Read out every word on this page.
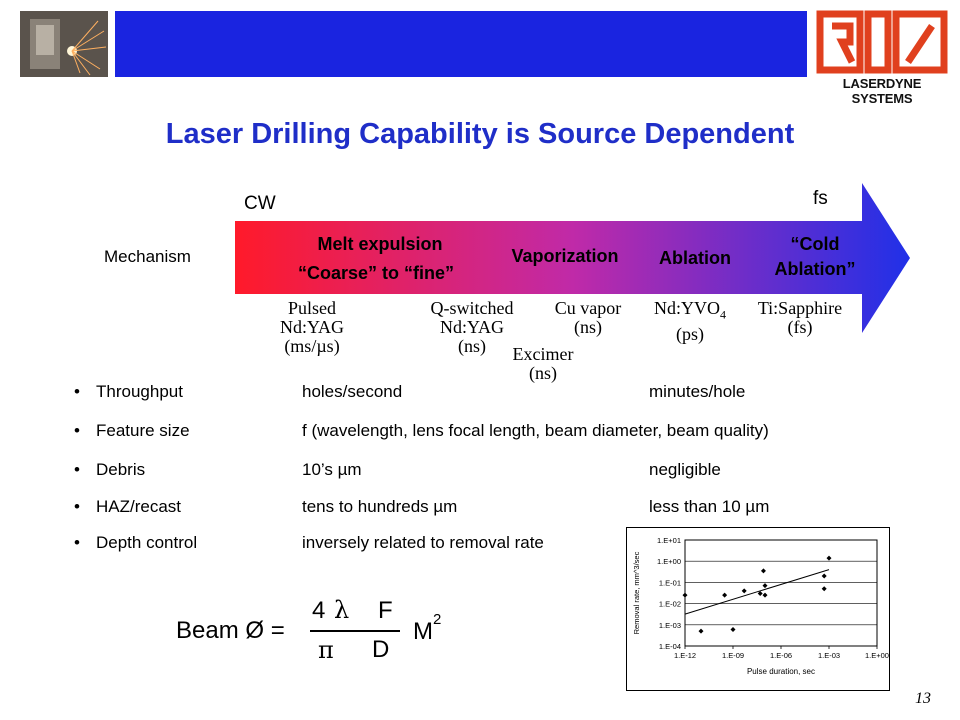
LASERDYNE SYSTEMS
Laser Drilling Capability is Source Dependent
CW	fs
Mechanism
Melt expulsion
“Coarse” to “fine”
Vaporization	Ablation
“Cold
Ablation”
Pulsed
Nd:YAG
(ms/µs)
Q-switched
Nd:YAG
(ns)	Excimer
(ns)
Cu vapor
(ns)
$Nd:YVO_4$
(ps)
Ti:Sapphire
(fs)
• Throughput	holes/second	minutes/hole
• Feature size	f (wavelength, lens focal length, beam diameter, beam quality)
• Debris	10’s µm	negligible
• HAZ/recast	tens to hundreds µm	less than 10 µm
• Depth control	inversely related to removal rate
Beam Ø =
4 λ F
π D
M 2
1.E+01
1.E+00
1.E-01
1.E-02
1.E-03
1.E-04
1.E-12	1.E-09	1.E-06	1.E-03	1.E+00
Pulse duration, sec
Removal rate, mm^3/sec
13
